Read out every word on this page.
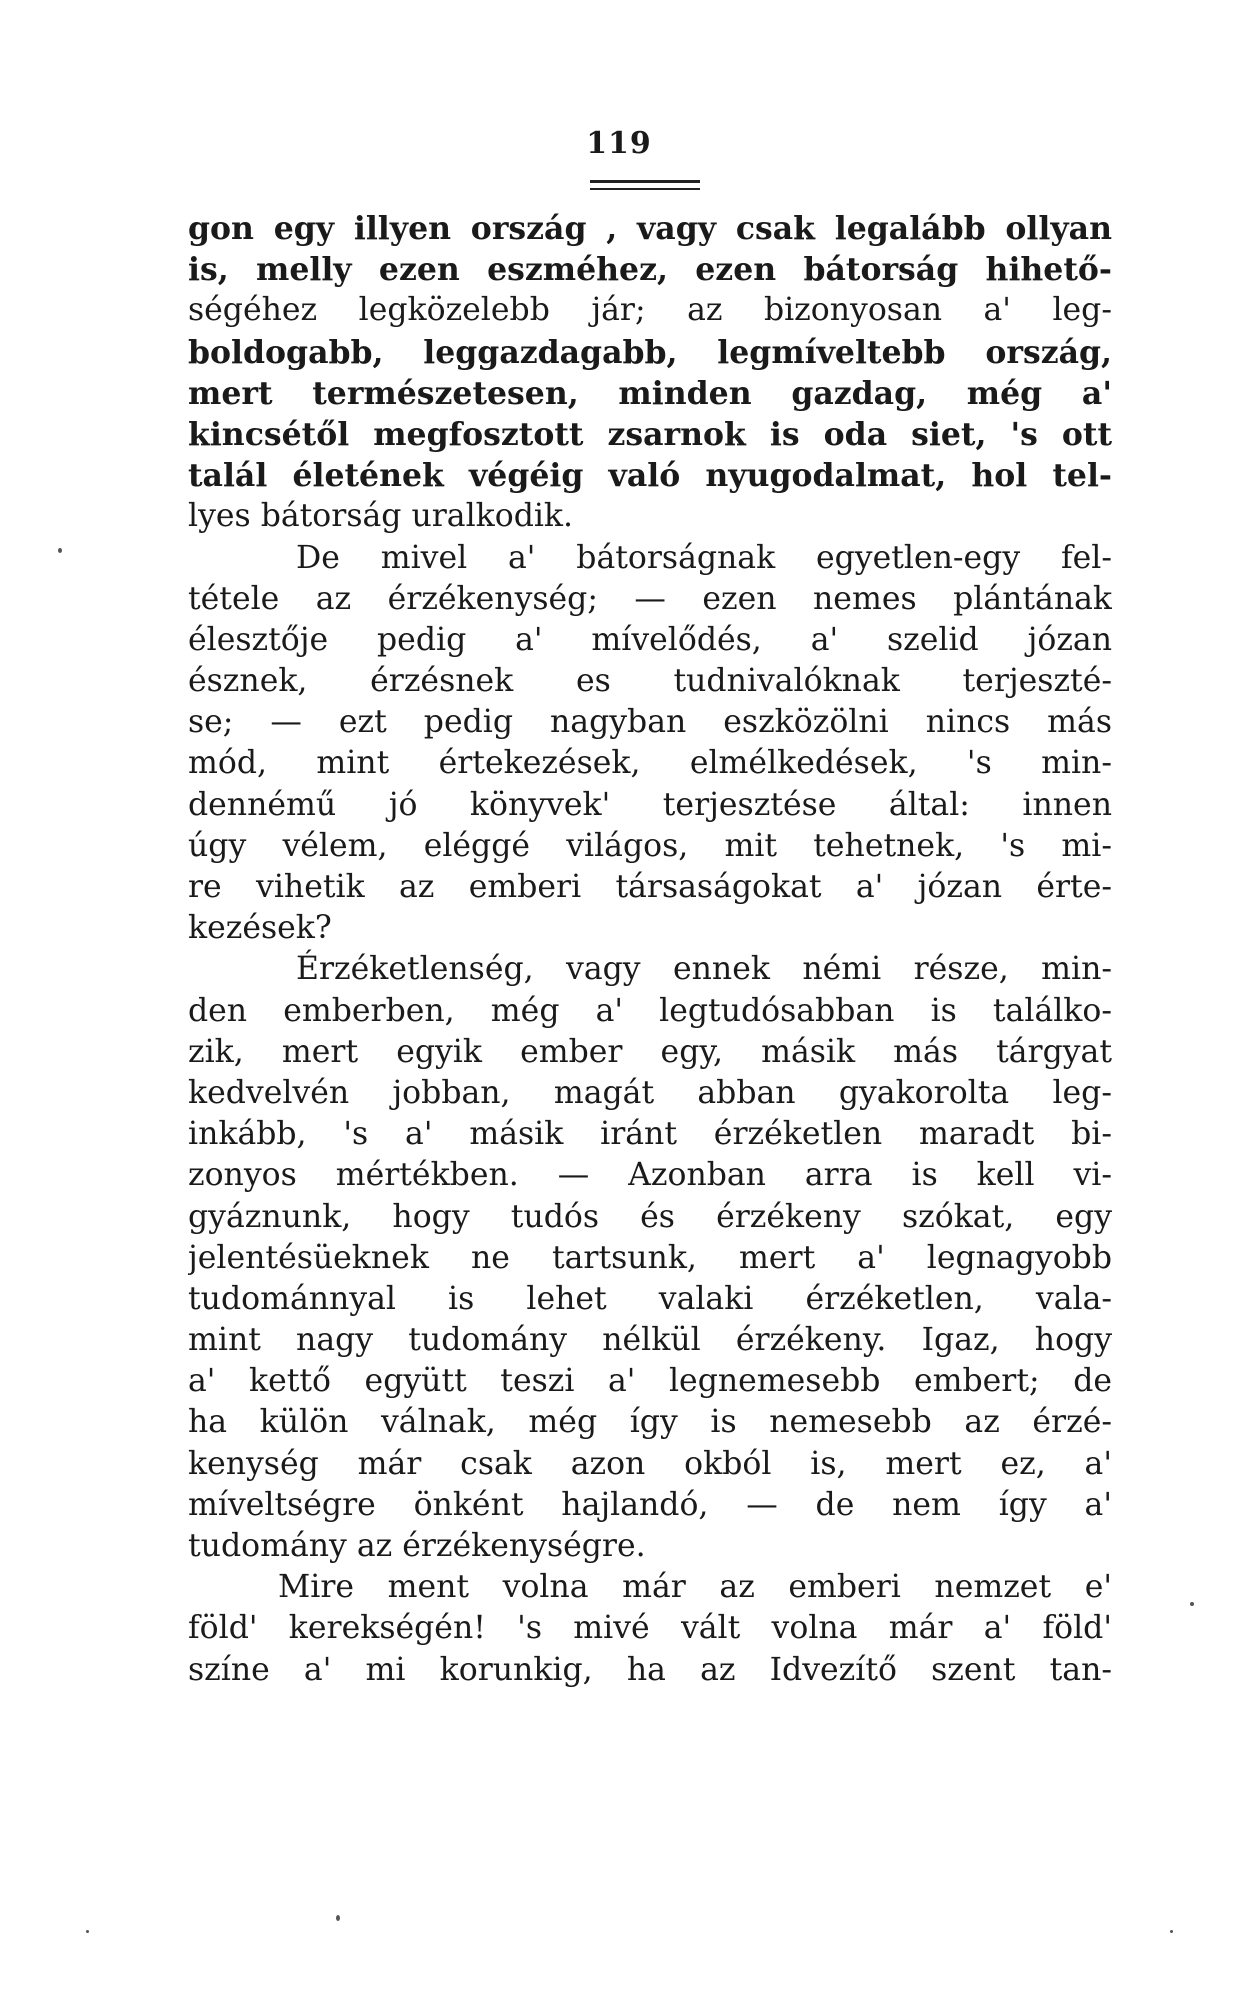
119
gon egy illyen ország , vagy csak legalább ollyan
is, melly ezen eszméhez, ezen bátorság hihető-
ségéhez legközelebb jár; az bizonyosan a' leg-
boldogabb, leggazdagabb, legmíveltebb ország,
mert természetesen, minden gazdag, még a'
kincsétől megfosztott zsarnok is oda siet, 's ott
talál életének végéig való nyugodalmat, hol tel-
lyes bátorság uralkodik.
De mivel a' bátorságnak egyetlen-egy fel-
tétele az érzékenység; — ezen nemes plántának
élesztője pedig a' mívelődés, a' szelid józan
észnek, érzésnek es tudnivalóknak terjeszté-
se; — ezt pedig nagyban eszközölni nincs más
mód, mint értekezések, elmélkedések, 's min-
dennémű jó könyvek' terjesztése által: innen
úgy vélem, eléggé világos, mit tehetnek, 's mi-
re vihetik az emberi társaságokat a' józan érte-
kezések?
Érzéketlenség, vagy ennek némi része, min-
den emberben, még a' legtudósabban is találko-
zik, mert egyik ember egy, másik más tárgyat
kedvelvén jobban, magát abban gyakorolta leg-
inkább, 's a' másik iránt érzéketlen maradt bi-
zonyos mértékben. — Azonban arra is kell vi-
gyáznunk, hogy tudós és érzékeny szókat, egy
jelentésüeknek ne tartsunk, mert a' legnagyobb
tudománnyal is lehet valaki érzéketlen, vala-
mint nagy tudomány nélkül érzékeny. Igaz, hogy
a' kettő együtt teszi a' legnemesebb embert; de
ha külön válnak, még így is nemesebb az érzé-
kenység már csak azon okból is, mert ez, a'
míveltségre önként hajlandó, — de nem így a'
tudomány az érzékenységre.
Mire ment volna már az emberi nemzet e'
föld' kerekségén! 's mivé vált volna már a' föld'
színe a' mi korunkig, ha az Idvezítő szent tan-
